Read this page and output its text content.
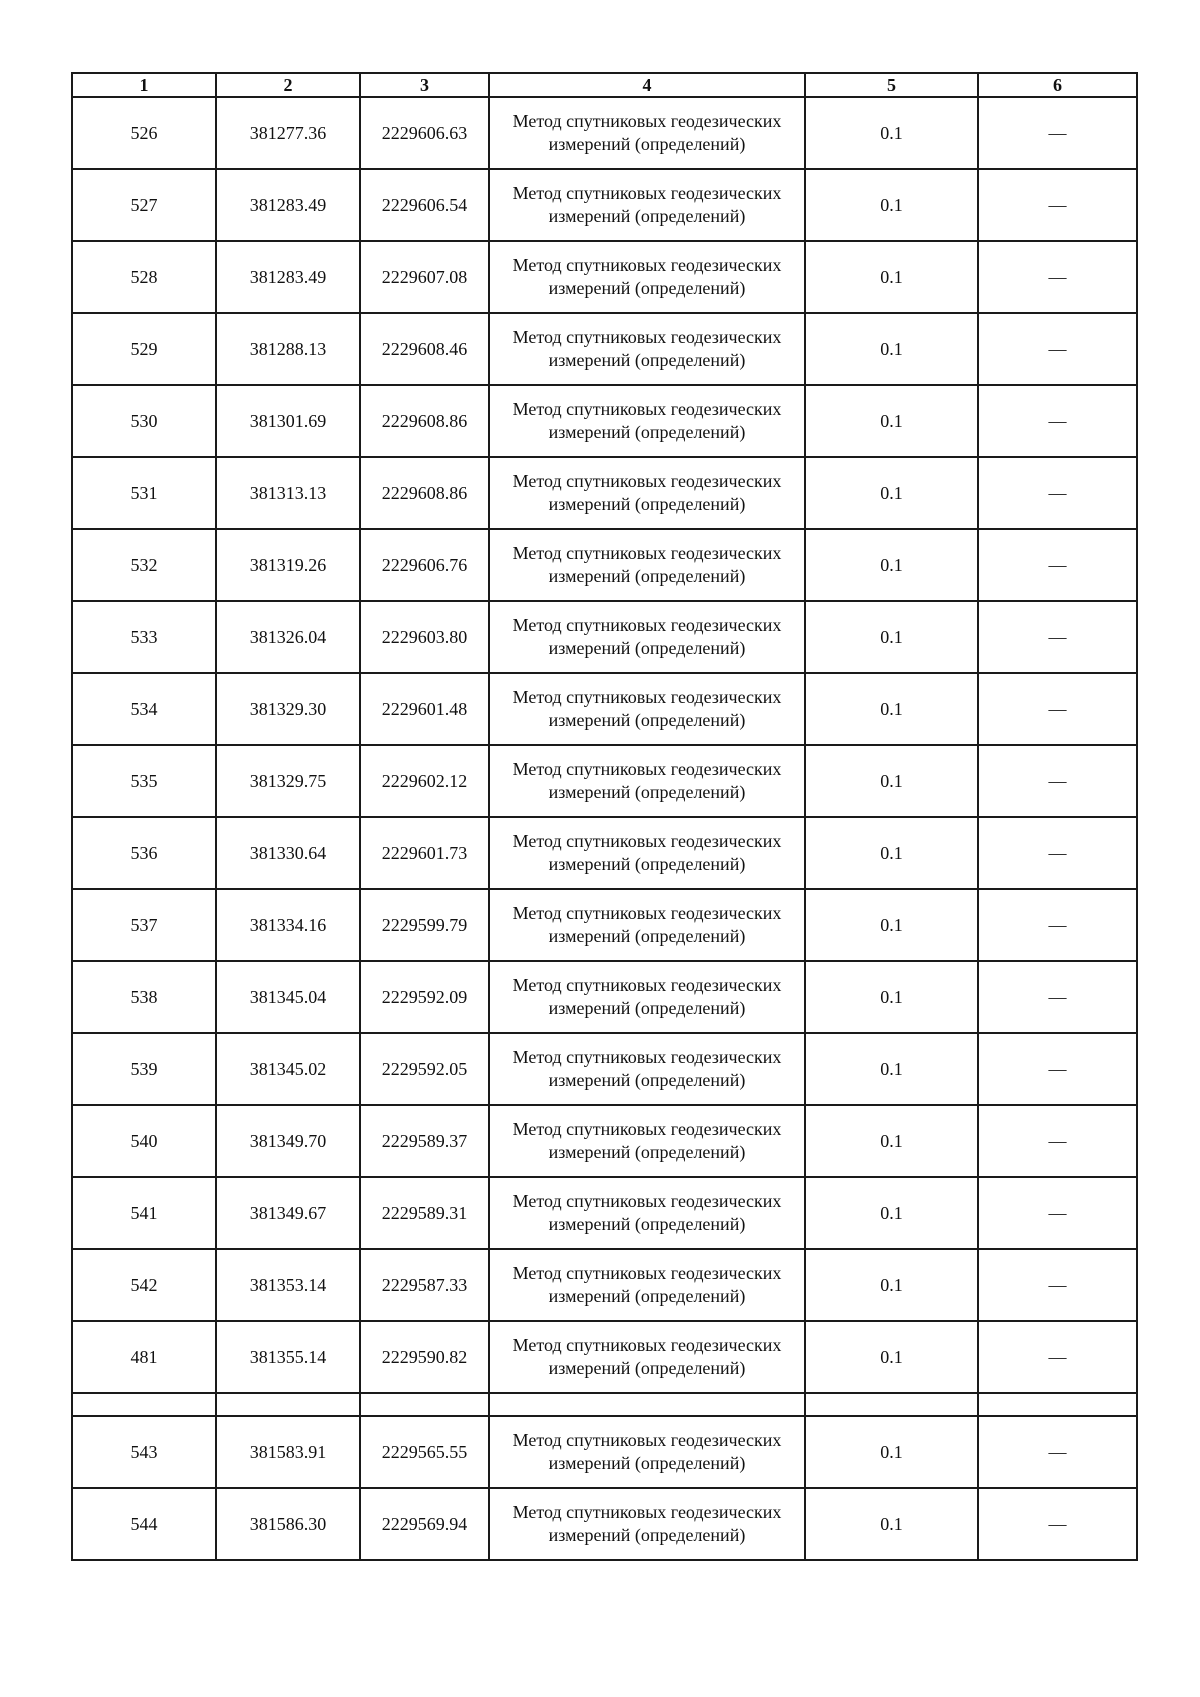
1	2	3	4	5	6
526	381277.36	2229606.63	Метод спутниковых геодезических измерений (определений)	0.1	—
527	381283.49	2229606.54	Метод спутниковых геодезических измерений (определений)	0.1	—
528	381283.49	2229607.08	Метод спутниковых геодезических измерений (определений)	0.1	—
529	381288.13	2229608.46	Метод спутниковых геодезических измерений (определений)	0.1	—
530	381301.69	2229608.86	Метод спутниковых геодезических измерений (определений)	0.1	—
531	381313.13	2229608.86	Метод спутниковых геодезических измерений (определений)	0.1	—
532	381319.26	2229606.76	Метод спутниковых геодезических измерений (определений)	0.1	—
533	381326.04	2229603.80	Метод спутниковых геодезических измерений (определений)	0.1	—
534	381329.30	2229601.48	Метод спутниковых геодезических измерений (определений)	0.1	—
535	381329.75	2229602.12	Метод спутниковых геодезических измерений (определений)	0.1	—
536	381330.64	2229601.73	Метод спутниковых геодезических измерений (определений)	0.1	—
537	381334.16	2229599.79	Метод спутниковых геодезических измерений (определений)	0.1	—
538	381345.04	2229592.09	Метод спутниковых геодезических измерений (определений)	0.1	—
539	381345.02	2229592.05	Метод спутниковых геодезических измерений (определений)	0.1	—
540	381349.70	2229589.37	Метод спутниковых геодезических измерений (определений)	0.1	—
541	381349.67	2229589.31	Метод спутниковых геодезических измерений (определений)	0.1	—
542	381353.14	2229587.33	Метод спутниковых геодезических измерений (определений)	0.1	—
481	381355.14	2229590.82	Метод спутниковых геодезических измерений (определений)	0.1	—

543	381583.91	2229565.55	Метод спутниковых геодезических измерений (определений)	0.1	—
544	381586.30	2229569.94	Метод спутниковых геодезических измерений (определений)	0.1	—
